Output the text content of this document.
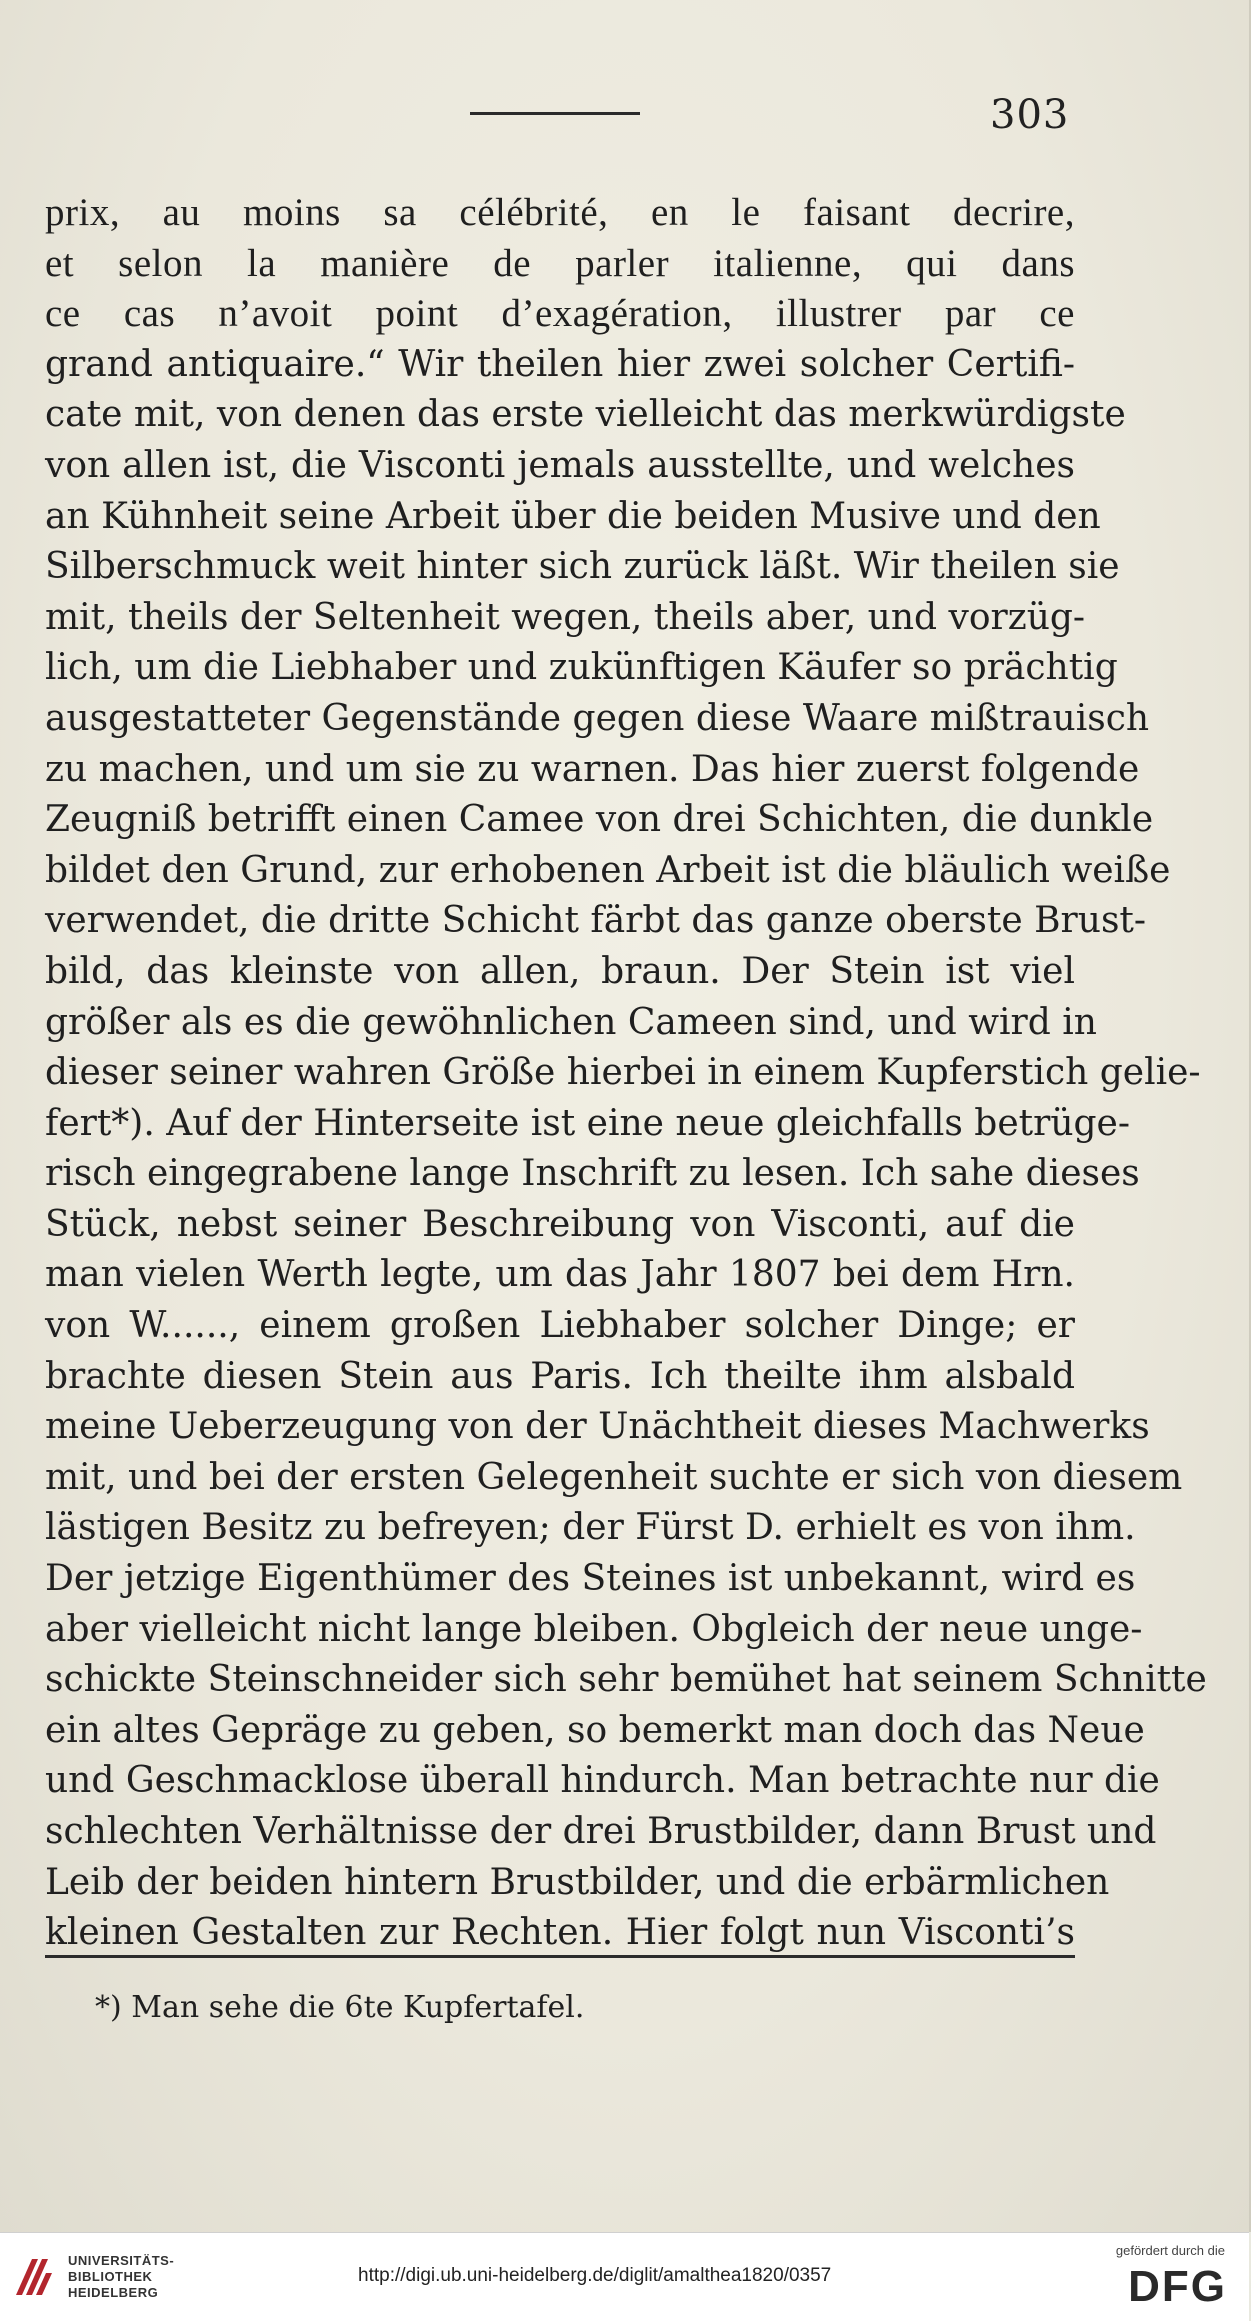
303
prix, au moins sa célébrité, en le faisant decrire,
et selon la manière de parler italienne, qui dans
ce cas n’avoit point d’exagération, illustrer par ce
grand antiquaire.“ Wir theilen hier zwei solcher Certifi-
cate mit, von denen das erste vielleicht das merkwürdigste
von allen ist, die Visconti jemals ausstellte, und welches
an Kühnheit seine Arbeit über die beiden Musive und den
Silberschmuck weit hinter sich zurück läßt. Wir theilen sie
mit, theils der Seltenheit wegen, theils aber, und vorzüg-
lich, um die Liebhaber und zukünftigen Käufer so prächtig
ausgestatteter Gegenstände gegen diese Waare mißtrauisch
zu machen, und um sie zu warnen. Das hier zuerst folgende
Zeugniß betrifft einen Camee von drei Schichten, die dunkle
bildet den Grund, zur erhobenen Arbeit ist die bläulich weiße
verwendet, die dritte Schicht färbt das ganze oberste Brust-
bild, das kleinste von allen, braun. Der Stein ist viel
größer als es die gewöhnlichen Cameen sind, und wird in
dieser seiner wahren Größe hierbei in einem Kupferstich gelie-
fert*). Auf der Hinterseite ist eine neue gleichfalls betrüge-
risch eingegrabene lange Inschrift zu lesen. Ich sahe dieses
Stück, nebst seiner Beschreibung von Visconti, auf die
man vielen Werth legte, um das Jahr 1807 bei dem Hrn.
von W......, einem großen Liebhaber solcher Dinge; er
brachte diesen Stein aus Paris. Ich theilte ihm alsbald
meine Ueberzeugung von der Unächtheit dieses Machwerks
mit, und bei der ersten Gelegenheit suchte er sich von diesem
lästigen Besitz zu befreyen; der Fürst D. erhielt es von ihm.
Der jetzige Eigenthümer des Steines ist unbekannt, wird es
aber vielleicht nicht lange bleiben. Obgleich der neue unge-
schickte Steinschneider sich sehr bemühet hat seinem Schnitte
ein altes Gepräge zu geben, so bemerkt man doch das Neue
und Geschmacklose überall hindurch. Man betrachte nur die
schlechten Verhältnisse der drei Brustbilder, dann Brust und
Leib der beiden hintern Brustbilder, und die erbärmlichen
kleinen Gestalten zur Rechten. Hier folgt nun Visconti’s
*) Man sehe die 6te Kupfertafel.
UNIVERSITÄTS-
BIBLIOTHEK
HEIDELBERG
http://digi.ub.uni-heidelberg.de/diglit/amalthea1820/0357
gefördert durch die
DFG
